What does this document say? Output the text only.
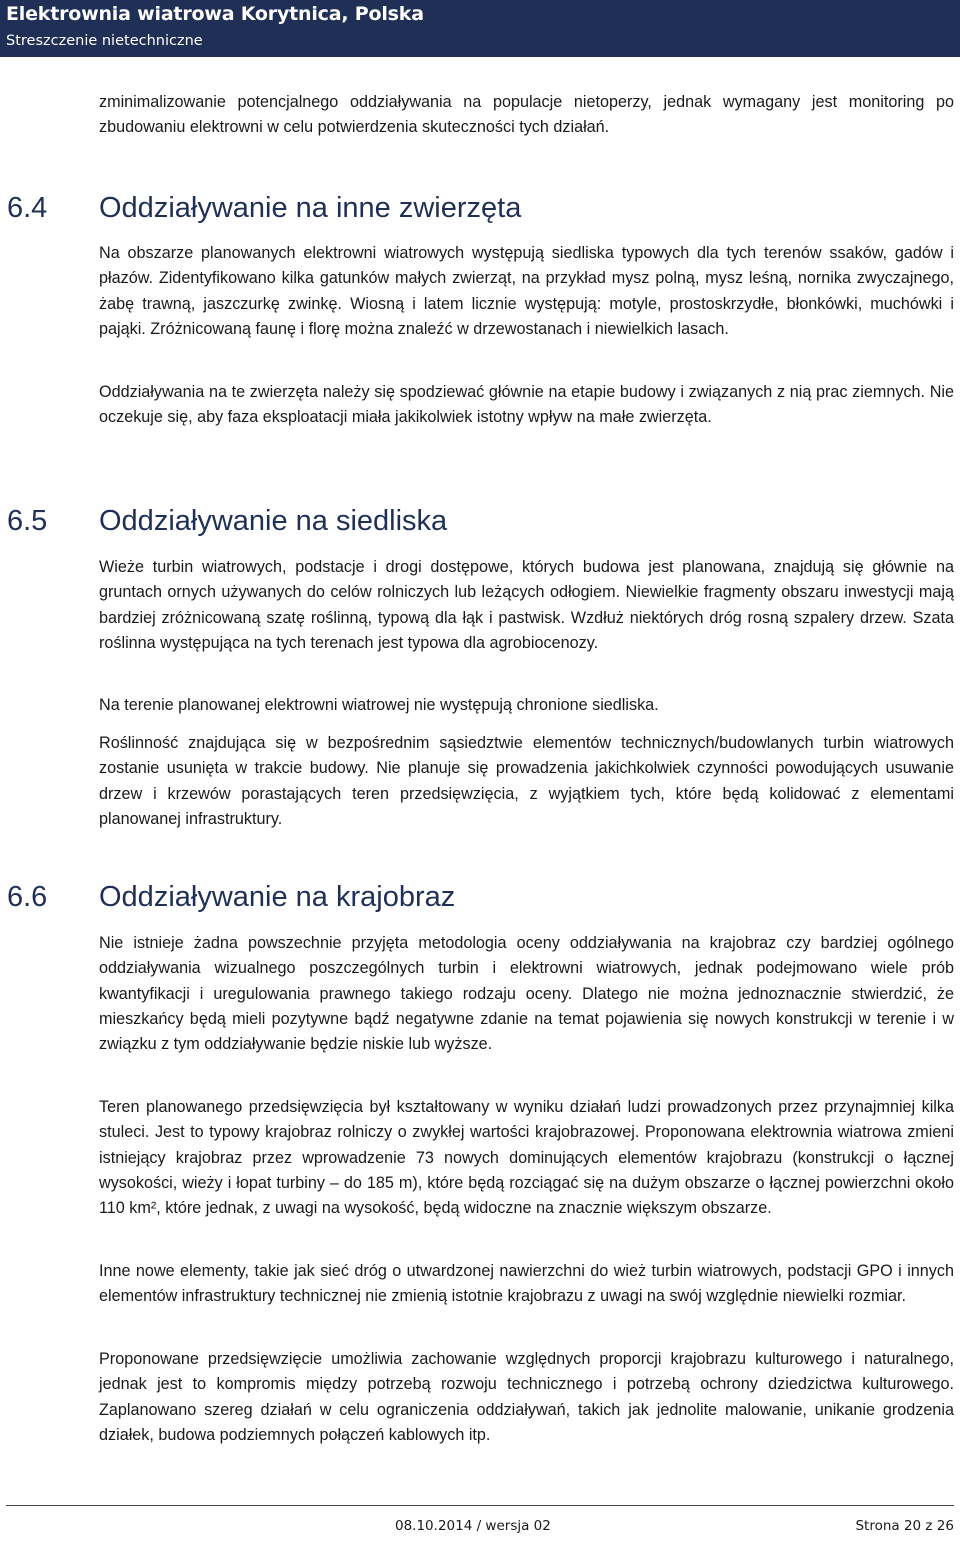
Elektrownia wiatrowa Korytnica, Polska
Streszczenie nietechniczne

zminimalizowanie potencjalnego oddziaływania na populacje nietoperzy, jednak wymagany jest monitoring po zbudowaniu elektrowni w celu potwierdzenia skuteczności tych działań.

6.4 Oddziaływanie na inne zwierzęta

Na obszarze planowanych elektrowni wiatrowych występują siedliska typowych dla tych terenów ssaków, gadów i płazów. Zidentyfikowano kilka gatunków małych zwierząt, na przykład mysz polną, mysz leśną, nornika zwyczajnego, żabę trawną, jaszczurkę zwinkę. Wiosną i latem licznie występują: motyle, prostoskrzydłe, błonkówki, muchówki i pająki. Zróżnicowaną faunę i florę można znaleźć w drzewostanach i niewielkich lasach.

Oddziaływania na te zwierzęta należy się spodziewać głównie na etapie budowy i związanych z nią prac ziemnych. Nie oczekuje się, aby faza eksploatacji miała jakikolwiek istotny wpływ na małe zwierzęta.

6.5 Oddziaływanie na siedliska

Wieże turbin wiatrowych, podstacje i drogi dostępowe, których budowa jest planowana, znajdują się głównie na gruntach ornych używanych do celów rolniczych lub leżących odłogiem. Niewielkie fragmenty obszaru inwestycji mają bardziej zróżnicowaną szatę roślinną, typową dla łąk i pastwisk. Wzdłuż niektórych dróg rosną szpalery drzew. Szata roślinna występująca na tych terenach jest typowa dla agrobiocenozy.

Na terenie planowanej elektrowni wiatrowej nie występują chronione siedliska.

Roślinność znajdująca się w bezpośrednim sąsiedztwie elementów technicznych/budowlanych turbin wiatrowych zostanie usunięta w trakcie budowy. Nie planuje się prowadzenia jakichkolwiek czynności powodujących usuwanie drzew i krzewów porastających teren przedsięwzięcia, z wyjątkiem tych, które będą kolidować z elementami planowanej infrastruktury.

6.6 Oddziaływanie na krajobraz

Nie istnieje żadna powszechnie przyjęta metodologia oceny oddziaływania na krajobraz czy bardziej ogólnego oddziaływania wizualnego poszczególnych turbin i elektrowni wiatrowych, jednak podejmowano wiele prób kwantyfikacji i uregulowania prawnego takiego rodzaju oceny. Dlatego nie można jednoznacznie stwierdzić, że mieszkańcy będą mieli pozytywne bądź negatywne zdanie na temat pojawienia się nowych konstrukcji w terenie i w związku z tym oddziaływanie będzie niskie lub wyższe.

Teren planowanego przedsięwzięcia był kształtowany w wyniku działań ludzi prowadzonych przez przynajmniej kilka stuleci. Jest to typowy krajobraz rolniczy o zwykłej wartości krajobrazowej. Proponowana elektrownia wiatrowa zmieni istniejący krajobraz przez wprowadzenie 73 nowych dominujących elementów krajobrazu (konstrukcji o łącznej wysokości, wieży i łopat turbiny – do 185 m), które będą rozciągać się na dużym obszarze o łącznej powierzchni około 110 km², które jednak, z uwagi na wysokość, będą widoczne na znacznie większym obszarze.

Inne nowe elementy, takie jak sieć dróg o utwardzonej nawierzchni do wież turbin wiatrowych, podstacji GPO i innych elementów infrastruktury technicznej nie zmienią istotnie krajobrazu z uwagi na swój względnie niewielki rozmiar.

Proponowane przedsięwzięcie umożliwia zachowanie względnych proporcji krajobrazu kulturowego i naturalnego, jednak jest to kompromis między potrzebą rozwoju technicznego i potrzebą ochrony dziedzictwa kulturowego. Zaplanowano szereg działań w celu ograniczenia oddziaływań, takich jak jednolite malowanie, unikanie grodzenia działek, budowa podziemnych połączeń kablowych itp.

08.10.2014 / wersja 02	Strona 20 z 26
